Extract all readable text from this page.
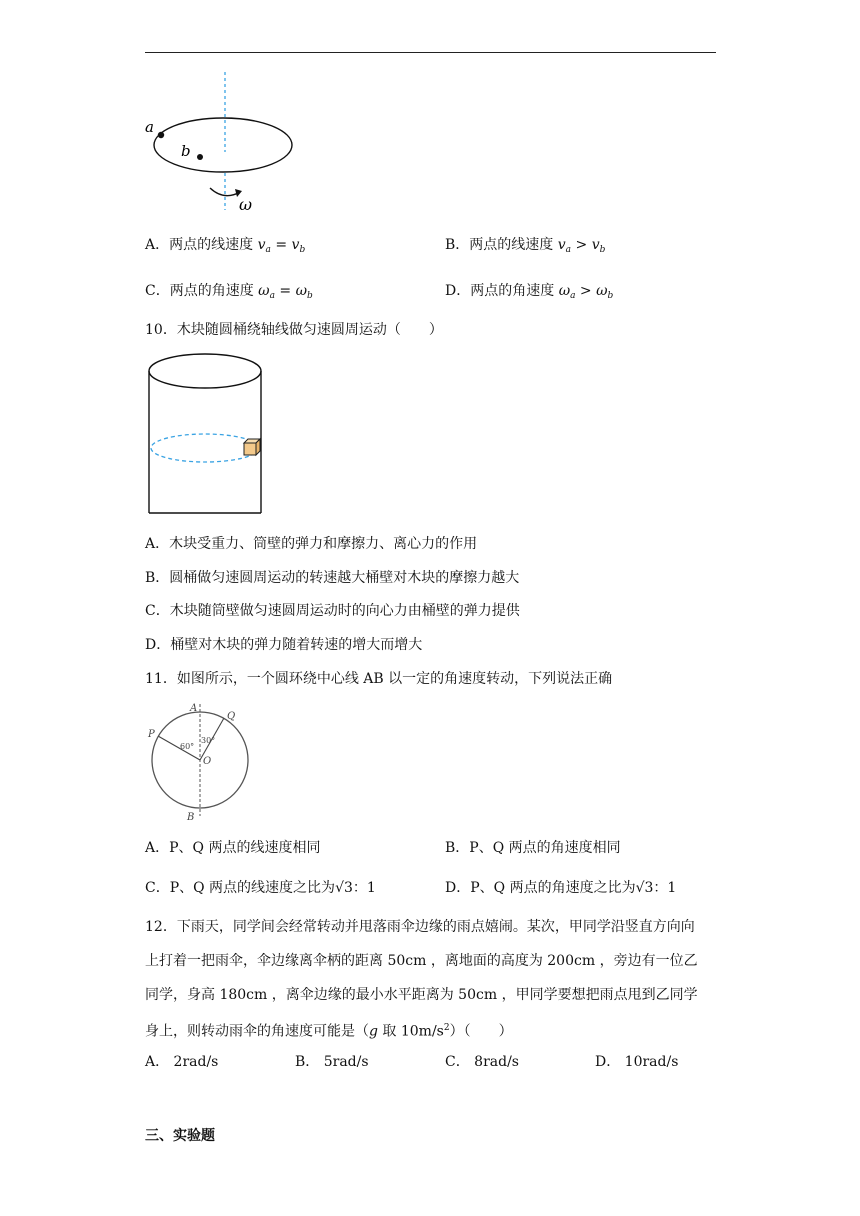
a
b
ω
A．两点的线速度 $v_a = v_b$	B．两点的线速度 $v_a > v_b$
C．两点的角速度 $\omega_a = \omega_b$	D．两点的角速度 $\omega_a > \omega_b$
10．木块随圆桶绕轴线做匀速圆周运动（　　）
A．木块受重力、筒壁的弹力和摩擦力、离心力的作用
B．圆桶做匀速圆周运动的转速越大桶壁对木块的摩擦力越大
C．木块随筒壁做匀速圆周运动时的向心力由桶壁的弹力提供
D．桶壁对木块的弹力随着转速的增大而增大
11．如图所示，一个圆环绕中心线 AB 以一定的角速度转动，下列说法正确
A
B
P
Q
O
60°
30°
A．P、Q 两点的线速度相同	B．P、Q 两点的角速度相同
C．P、Q 两点的线速度之比为√3：1	D．P、Q 两点的角速度之比为√3：1
12．下雨天，同学间会经常转动并甩落雨伞边缘的雨点嬉闹。某次，甲同学沿竖直方向向
上打着一把雨伞，伞边缘离伞柄的距离 50cm ，离地面的高度为 200cm ，旁边有一位乙
同学，身高 180cm ，离伞边缘的最小水平距离为 50cm ，甲同学要想把雨点甩到乙同学
身上，则转动雨伞的角速度可能是（g 取 $10m/s^2$）（　　）
A． 2rad/s	B． 5rad/s	C． 8rad/s	D． 10rad/s
三、实验题
